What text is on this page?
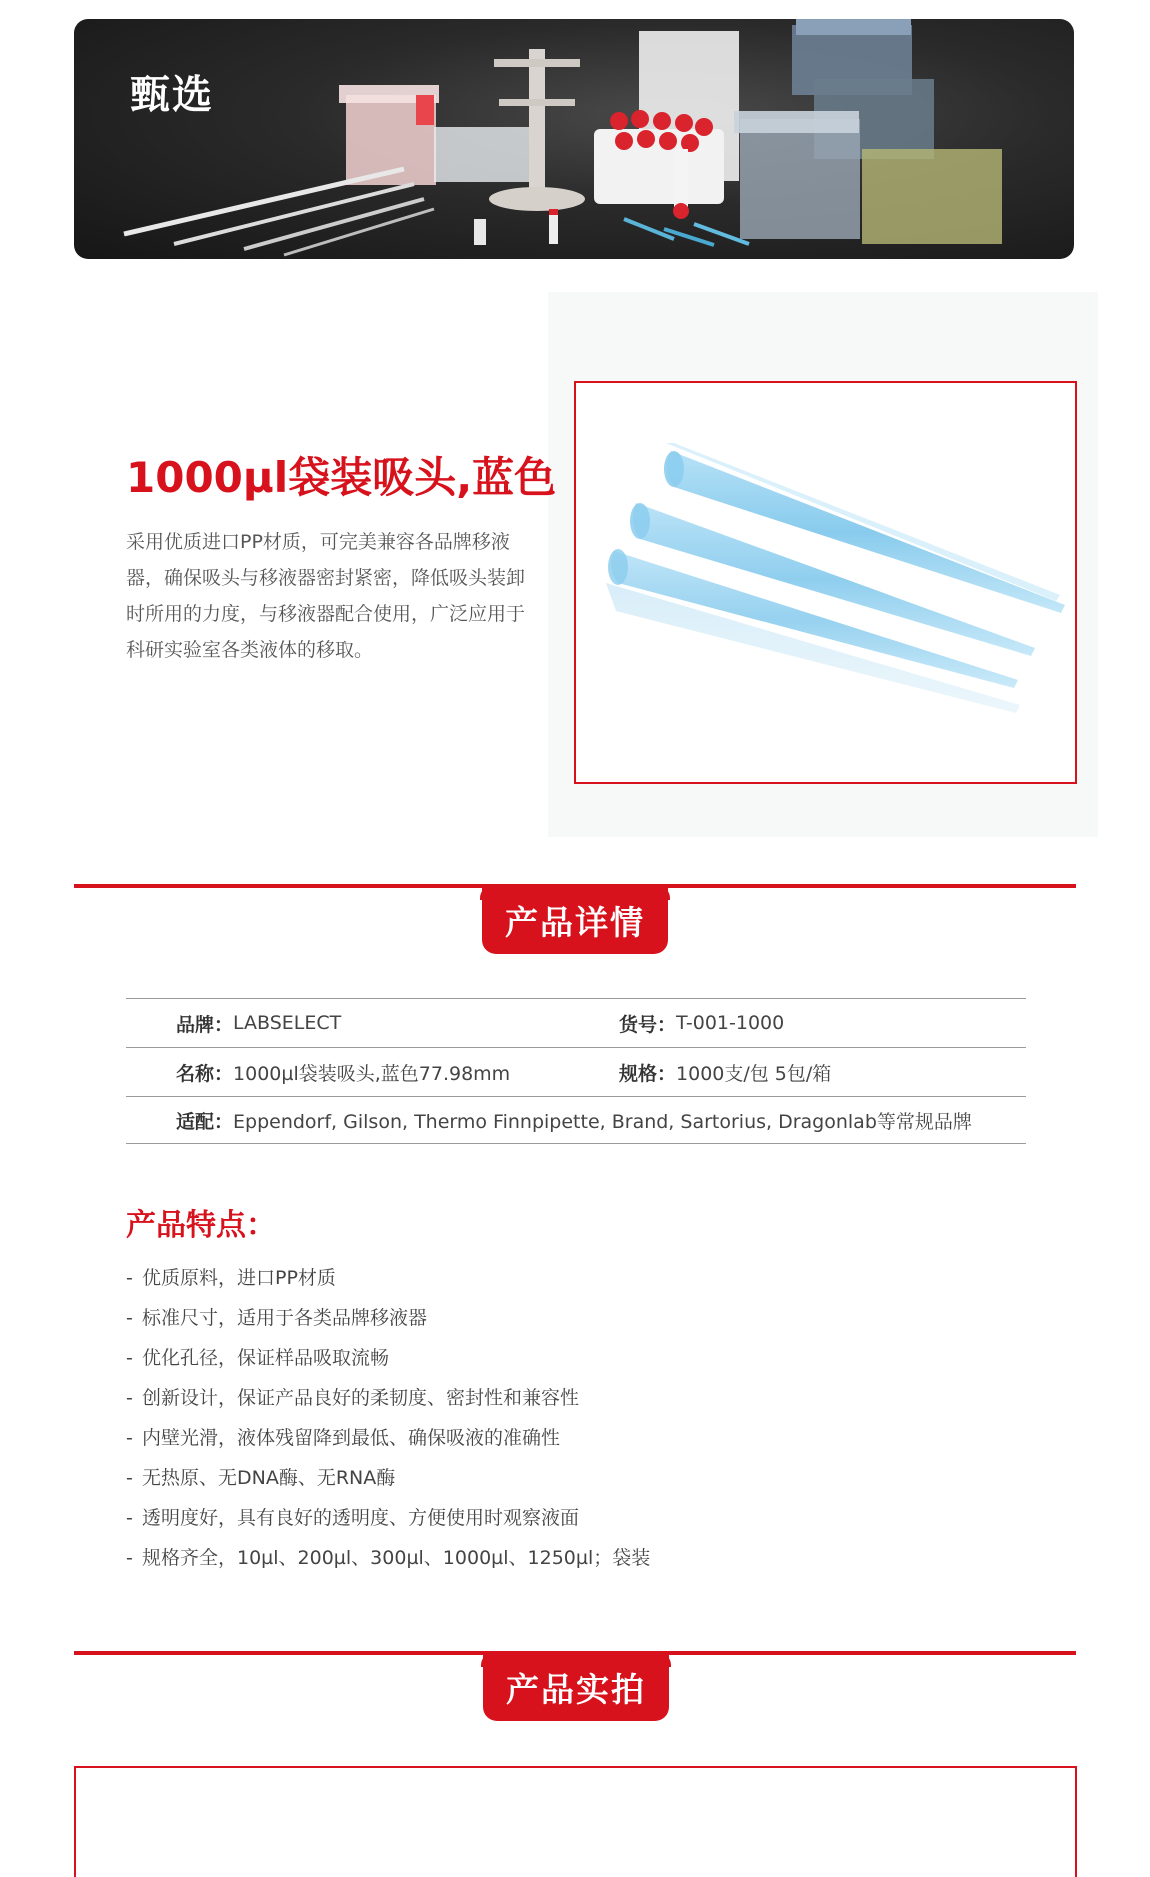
甄选
1000µl袋装吸头,蓝色
采用优质进口PP材质，可完美兼容各品牌移液器，确保吸头与移液器密封紧密，降低吸头装卸时所用的力度，与移液器配合使用，广泛应用于科研实验室各类液体的移取。
产品详情
品牌： LABSELECT	货号： T-001-1000
名称： 1000µl袋装吸头,蓝色77.98mm	规格： 1000支/包 5包/箱
适配： Eppendorf, Gilson, Thermo Finnpipette, Brand, Sartorius, Dragonlab等常规品牌
产品特点：
- 优质原料，进口PP材质
- 标准尺寸，适用于各类品牌移液器
- 优化孔径，保证样品吸取流畅
- 创新设计，保证产品良好的柔韧度、密封性和兼容性
- 内壁光滑，液体残留降到最低、确保吸液的准确性
- 无热原、无DNA酶、无RNA酶
- 透明度好，具有良好的透明度、方便使用时观察液面
- 规格齐全，10µl、200µl、300µl、1000µl、1250µl；袋装
产品实拍
